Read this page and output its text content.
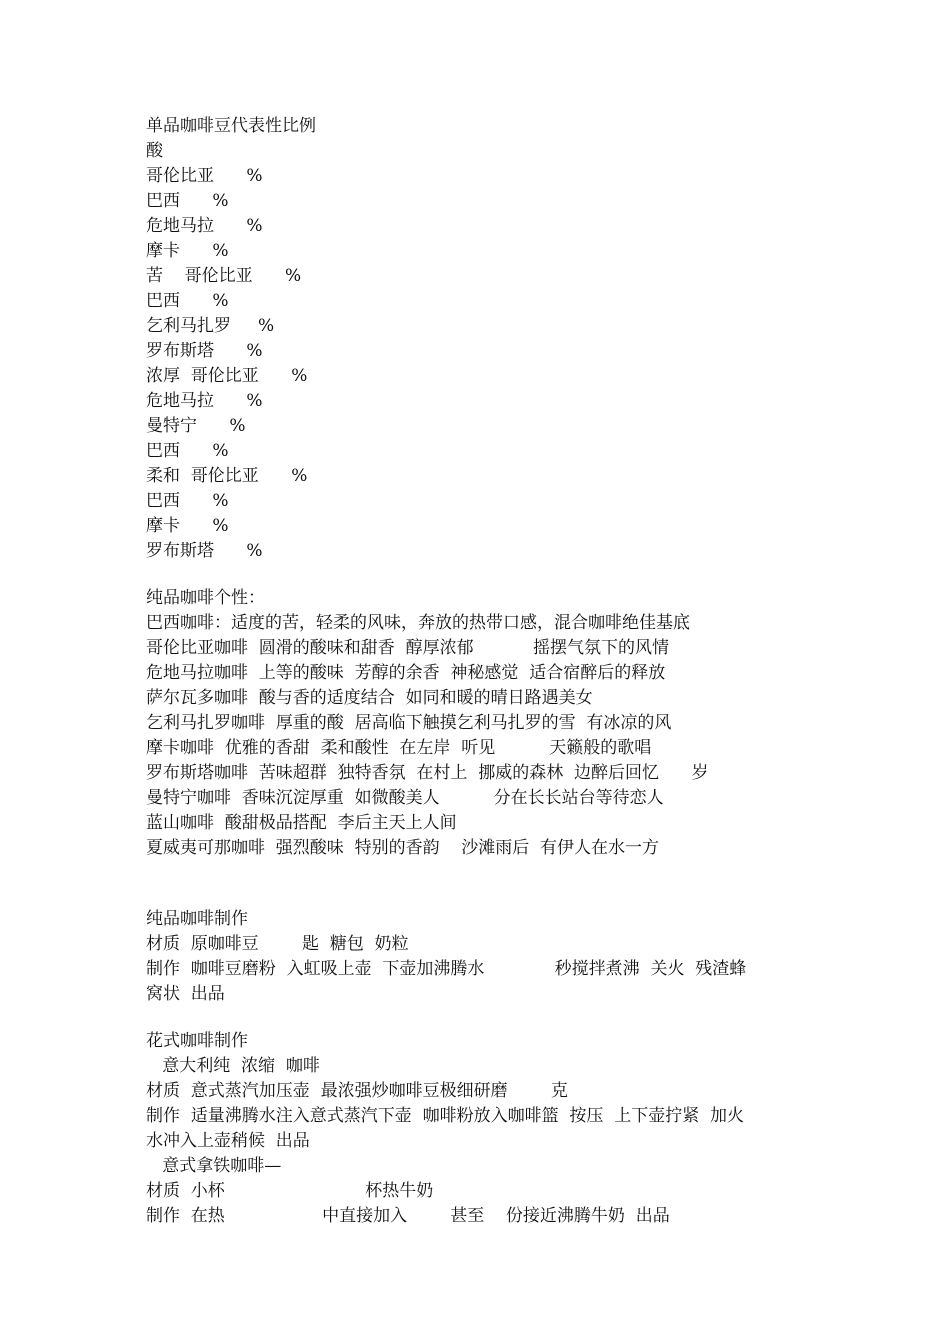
单品咖啡豆代表性比例
酸
哥伦比亚      %
巴西      %
危地马拉      %
摩卡      %
苦    哥伦比亚      %
巴西      %
乞利马扎罗     %
罗布斯塔      %
浓厚  哥伦比亚      %
危地马拉      %
曼特宁      %
巴西      %
柔和  哥伦比亚      %
巴西      %
摩卡      %
罗布斯塔      %
纯品咖啡个性：
巴西咖啡：适度的苦，轻柔的风味，奔放的热带口感，混合咖啡绝佳基底
哥伦比亚咖啡  圆滑的酸味和甜香  醇厚浓郁           摇摆气氛下的风情
危地马拉咖啡  上等的酸味  芳醇的余香  神秘感觉  适合宿醉后的释放
萨尔瓦多咖啡  酸与香的适度结合  如同和暖的晴日路遇美女
乞利马扎罗咖啡  厚重的酸  居高临下触摸乞利马扎罗的雪  有冰凉的风
摩卡咖啡  优雅的香甜  柔和酸性  在左岸  听见          天籁般的歌唱
罗布斯塔咖啡  苦味超群  独特香氛  在村上  挪威的森林  边醉后回忆      岁
曼特宁咖啡  香味沉淀厚重  如微酸美人          分在长长站台等待恋人
蓝山咖啡  酸甜极品搭配  李后主天上人间
夏威夷可那咖啡  强烈酸味  特别的香韵    沙滩雨后  有伊人在水一方
纯品咖啡制作
材质  原咖啡豆        匙  糖包  奶粒
制作  咖啡豆磨粉  入虹吸上壶  下壶加沸腾水             秒搅拌煮沸  关火  残渣蜂
窝状  出品
花式咖啡制作
意大利纯  浓缩  咖啡
材质  意式蒸汽加压壶  最浓强炒咖啡豆极细研磨        克
制作  适量沸腾水注入意式蒸汽下壶  咖啡粉放入咖啡篮  按压  上下壶拧紧  加火
水冲入上壶稍候  出品
意式拿铁咖啡—
材质  小杯                          杯热牛奶
制作  在热                  中直接加入        甚至    份接近沸腾牛奶  出品
